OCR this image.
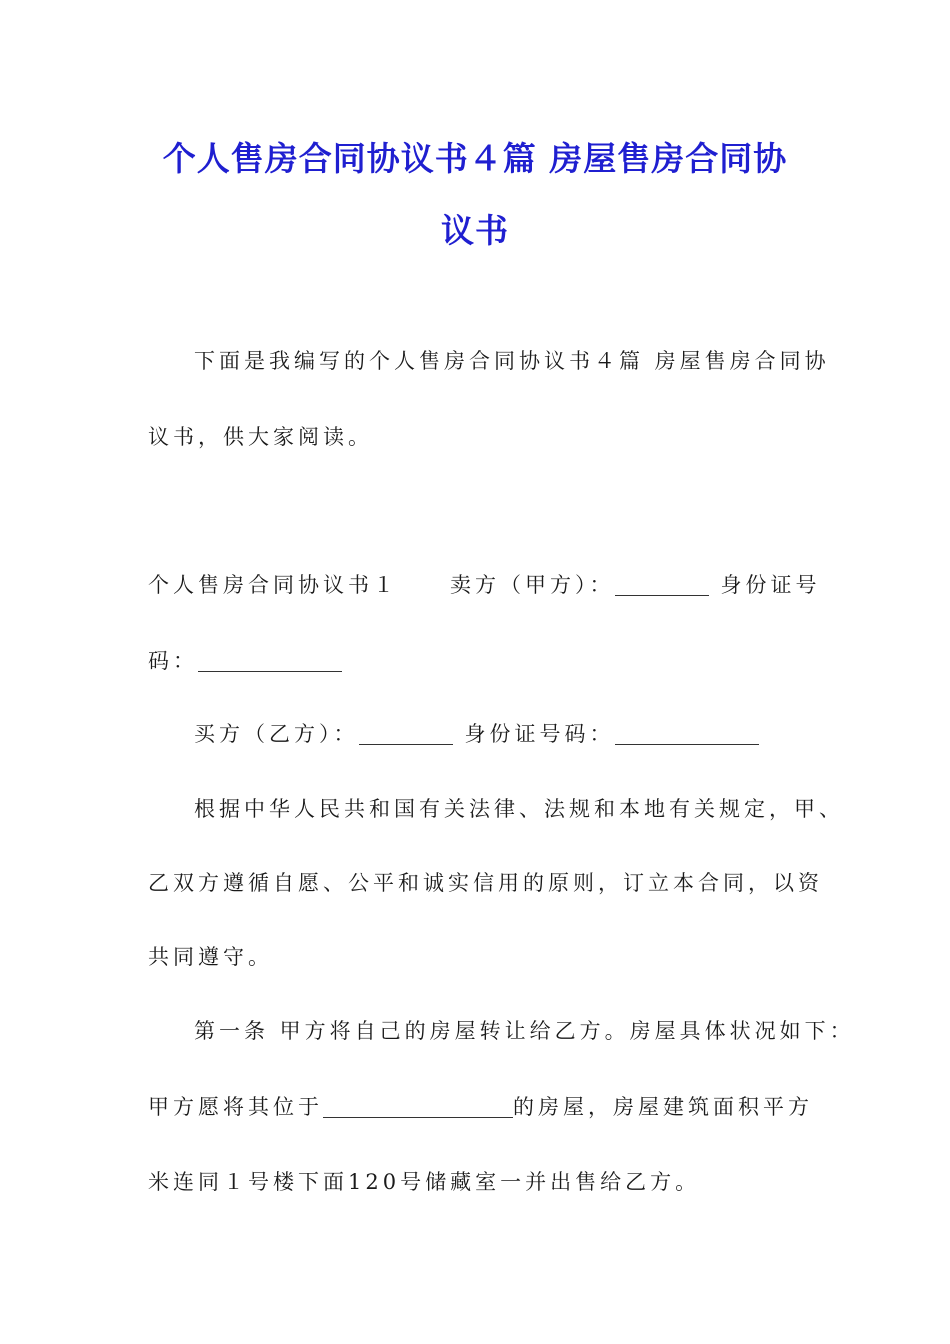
个人售房合同协议书４篇 房屋售房合同协
议书

下面是我编写的个人售房合同协议书４篇 房屋售房合同协

议书，供大家阅读。

个人售房合同协议书１ 卖方（甲方）：	身份证号

码：

买方（乙方）：	身份证号码：

根据中华人民共和国有关法律、法规和本地有关规定，甲、

乙双方遵循自愿、公平和诚实信用的原则，订立本合同，以资

共同遵守。

第一条 甲方将自己的房屋转让给乙方。房屋具体状况如下：

甲方愿将其位于	的房屋，房屋建筑面积平方

米连同１号楼下面120号储藏室一并出售给乙方。
